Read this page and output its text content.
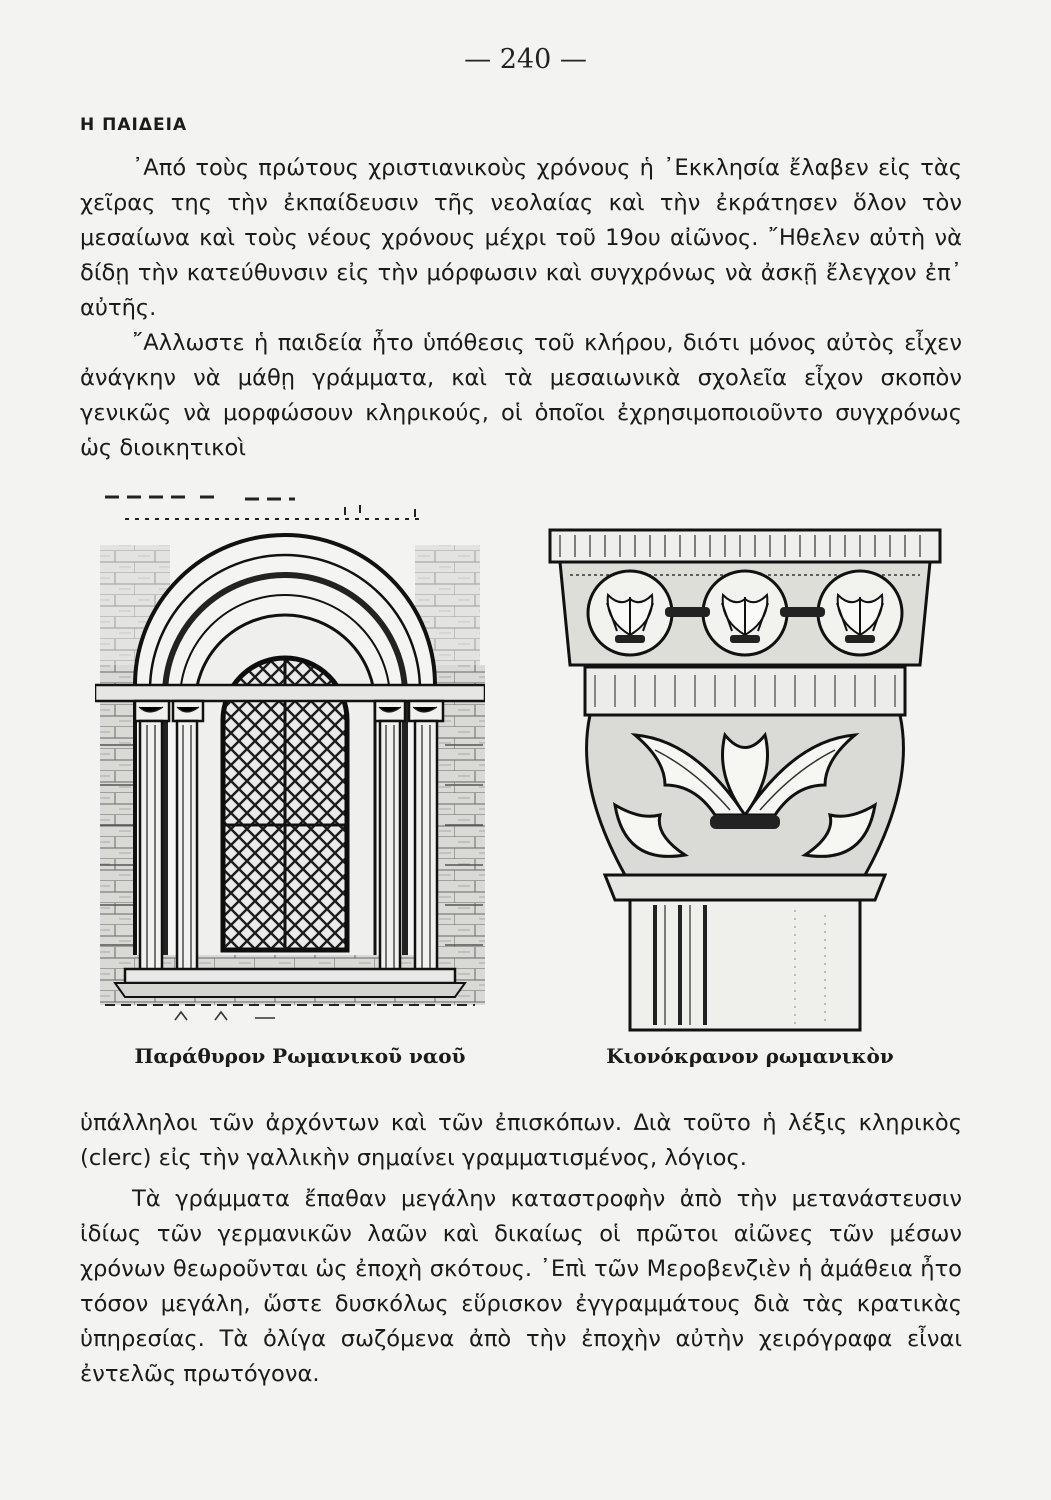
— 240 —
Η ΠΑΙΔΕΙΑ

᾿Από τοὺς πρώτους χριστιανικοὺς χρόνους ἡ ᾿Εκκλησία ἔλαβεν εἰς τὰς χεῖρας της τὴν ἐκπαίδευσιν τῆς νεολαίας καὶ τὴν ἐκράτησεν ὅλον τὸν μεσαίωνα καὶ τοὺς νέους χρόνους μέχρι τοῦ 19ου αἰῶνος. ῎Ηθελεν αὐτὴ νὰ δίδῃ τὴν κατεύθυνσιν εἰς τὴν μόρφωσιν καὶ συγχρόνως νὰ ἀσκῇ ἔλεγχον ἐπ᾿ αὐτῆς.

῎Αλλωστε ἡ παιδεία ἦτο ὑπόθεσις τοῦ κλήρου, διότι μόνος αὐτὸς εἶχεν ἀνάγκην νὰ μάθῃ γράμματα, καὶ τὰ μεσαιωνικὰ σχολεῖα εἶχον σκοπὸν γενικῶς νὰ μορφώσουν κληρικούς, οἱ ὁποῖοι ἐχρησιμοποιοῦντο συγχρόνως ὡς διοικητικοὶ

Παράθυρον Ρωμανικοῦ ναοῦ	Κιονόκρανον ρωμανικὸν

ὑπάλληλοι τῶν ἀρχόντων καὶ τῶν ἐπισκόπων. Διὰ τοῦτο ἡ λέξις κληρικὸς (clerc) εἰς τὴν γαλλικὴν σημαίνει γραμματισμένος, λόγιος.

Τὰ γράμματα ἔπαθαν μεγάλην καταστροφὴν ἀπὸ τὴν μετανάστευσιν ἰδίως τῶν γερμανικῶν λαῶν καὶ δικαίως οἱ πρῶτοι αἰῶνες τῶν μέσων χρόνων θεωροῦνται ὡς ἐποχὴ σκότους. ᾿Επὶ τῶν Μεροβενζιὲν ἡ ἀμάθεια ἦτο τόσον μεγάλη, ὥστε δυσκόλως εὕρισκον ἐγγραμμάτους διὰ τὰς κρατικὰς ὑπηρεσίας. Τὰ ὀλίγα σωζόμενα ἀπὸ τὴν ἐποχὴν αὐτὴν χειρόγραφα εἶναι ἐντελῶς πρωτόγονα.
